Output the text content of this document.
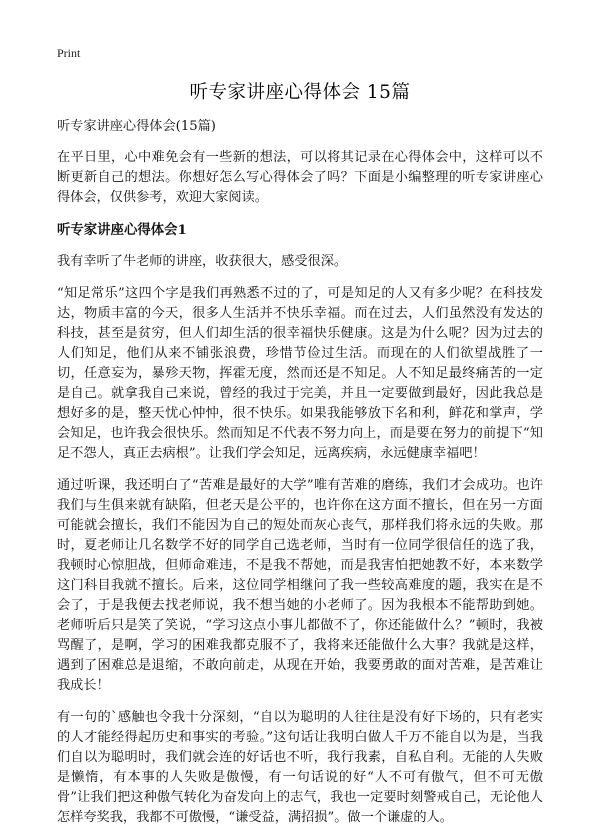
Print
听专家讲座心得体会 15篇

听专家讲座心得体会(15篇)

在平日里，心中难免会有一些新的想法，可以将其记录在心得体会中，这样可以不断更新自己的想法。你想好怎么写心得体会了吗？下面是小编整理的听专家讲座心得体会，仅供参考，欢迎大家阅读。

听专家讲座心得体会1

我有幸听了牛老师的讲座，收获很大，感受很深。

“知足常乐”这四个字是我们再熟悉不过的了，可是知足的人又有多少呢？在科技发达，物质丰富的今天，很多人生活并不快乐幸福。而在过去，人们虽然没有发达的科技，甚至是贫穷，但人们却生活的很幸福快乐健康。这是为什么呢？因为过去的人们知足，他们从来不铺张浪费，珍惜节俭过生活。而现在的人们欲望战胜了一切，任意妄为，暴殄天物，挥霍无度，然而还是不知足。人不知足最终痛苦的一定是自己。就拿我自己来说，曾经的我过于完美，并且一定要做到最好，因此我总是想好多的是，整天忧心忡忡，很不快乐。如果我能够放下名和利，鲜花和掌声，学会知足，也许我会很快乐。然而知足不代表不努力向上，而是要在努力的前提下“知足不怨人，真正去病根”。让我们学会知足，远离疾病，永远健康幸福吧！

通过听课，我还明白了“苦难是最好的大学”唯有苦难的磨练，我们才会成功。也许我们与生俱来就有缺陷，但老天是公平的，也许你在这方面不擅长，但在另一方面可能就会擅长，我们不能因为自己的短处而灰心丧气，那样我们将永远的失败。那时，夏老师让几名数学不好的同学自己选老师，当时有一位同学很信任的选了我，我顿时心惊胆战，但师命难违，不是我不帮她，而是我害怕把她教不好，本来数学这门科目我就不擅长。后来，这位同学相继问了我一些较高难度的题，我实在是不会了，于是我便去找老师说，我不想当她的小老师了。因为我根本不能帮助到她。老师听后只是笑了笑说，“学习这点小事儿都做不了，你还能做什么？”顿时，我被骂醒了，是啊，学习的困难我都克服不了，我将来还能做什么大事？我就是这样，遇到了困难总是退缩，不敢向前走，从现在开始，我要勇敢的面对苦难，是苦难让我成长！

有一句的`感触也令我十分深刻，“自以为聪明的人往往是没有好下场的，只有老实的人才能经得起历史和事实的考验。”这句话让我明白做人千万不能自以为是，当我们自以为聪明时，我们就会连的好话也不听，我行我素，自私自利。无能的人失败是懒惰，有本事的人失败是傲慢，有一句话说的好“人不可有傲气，但不可无傲骨”让我们把这种傲气转化为奋发向上的志气，我也一定要时刻警戒自己，无论他人怎样夸奖我，我都不可傲慢，“谦受益，满招损”。做一个谦虚的人。
